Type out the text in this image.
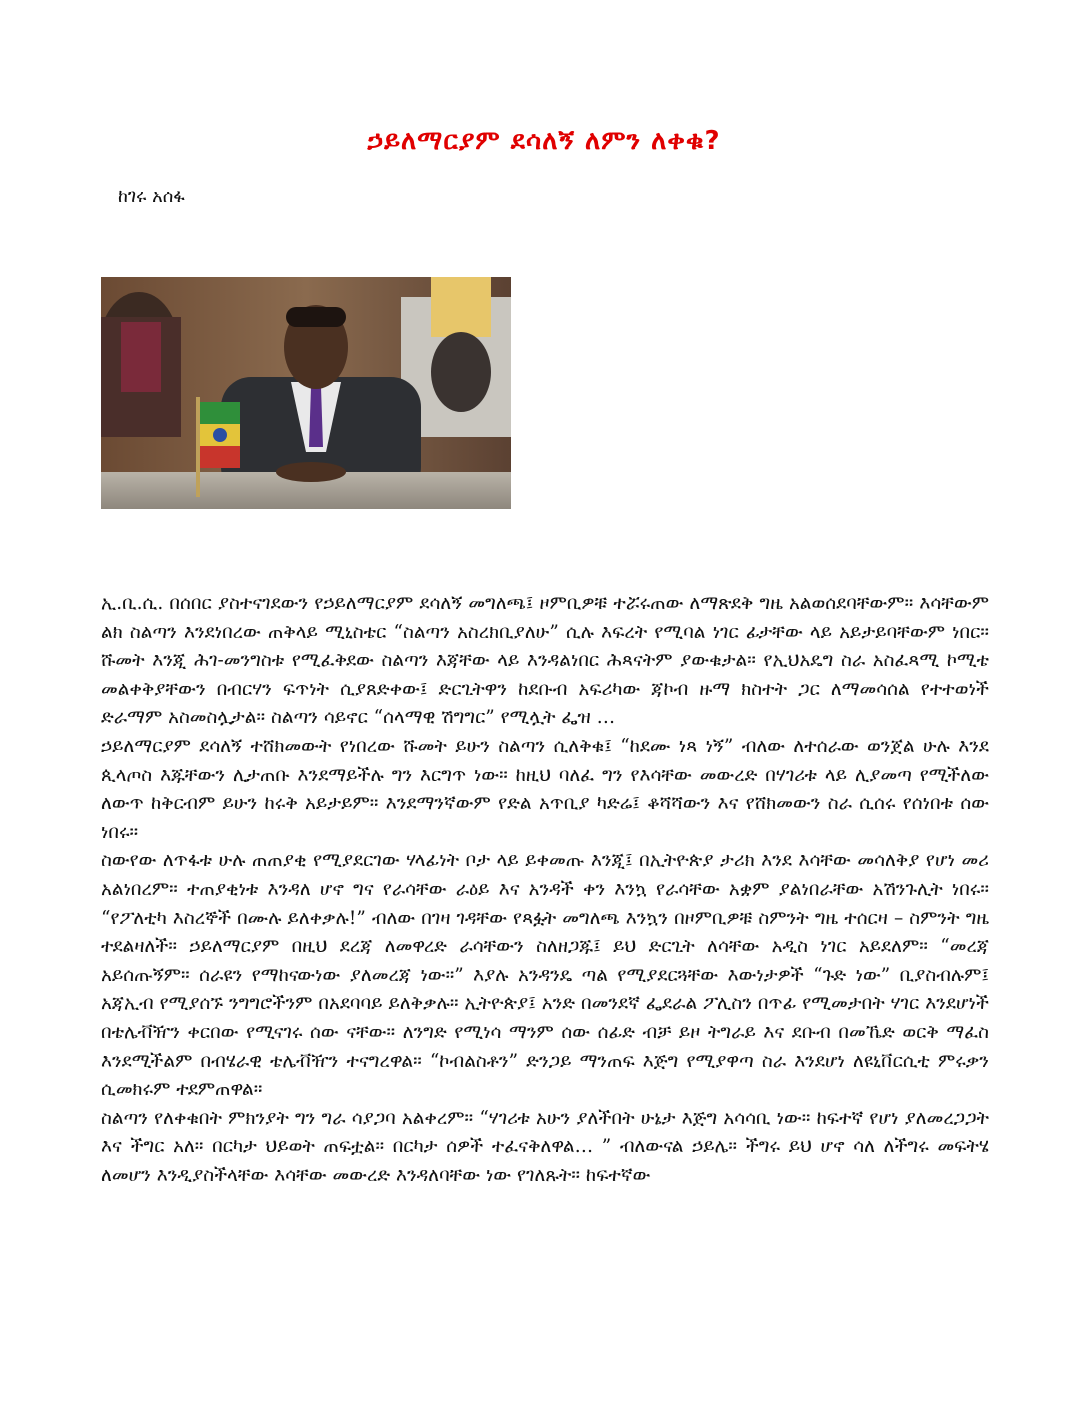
ኃይለማርያም ደሳለኝ ለምን ለቀቁ?
ከገሩ አሰፋ

ኢ.ቢ.ሲ. በሰበር ያስተናገደውን የኃይለማርያም ደሳለኝ መግለጫ፤ ዞምቢዎቹ ተሯሩጠው ለማጽደቅ ግዜ አልወሰደባቸውም። እሳቸውም ልክ ስልጣን እንደነበረው ጠቅላይ ሚኒስቴር “ስልጣን አስረክቢያለሁ” ሲሉ እፍረት የሚባል ነገር ፊታቸው ላይ አይታይባቸውም ነበር። ሹመት እንጂ ሕገ-መንግስቱ የሚፈቅደው ስልጣን እጃቸው ላይ እንዳልነበር ሕጻናትም ያውቁታል። የኢህአዴግ ስራ አስፈጻሚ ኮሚቴ መልቀቅያቸውን በብርሃን ፍጥነት ሲያጸድቀው፤ ድርጊትዋን ከደቡብ አፍሪካው ጃኮብ ዙማ ክስተት ጋር ለማመሳሰል የተተወነች ድራማም አስመስሏታል። ስልጣን ሳይኖር “ሰላማዊ ሽግግር” የሚሏት ፌዝ …

ኃይለማርያም ደሳለኝ ተሸክመውት የነበረው ሹመት ይሁን ስልጣን ሲለቅቁ፤ “ከደሙ ነጻ ነኝ” ብለው ለተሰራው ወንጀል ሁሉ እንደ ጲላጦስ እጁቸውን ሊታጠቡ እንደማይችሉ ግን እርግጥ ነው። ከዚህ ባለፈ ግን የእሳቸው መውረድ በሃገሪቱ ላይ ሊያመጣ የሚችለው ለውጥ ከቅርብም ይሁን ከሩቅ አይታይም። እንደማንኛውም የድል አጥቢያ ካድሬ፤ ቆሻሻውን እና የሸክመውን ስራ ሲሰሩ የሰነበቱ ሰው ነበሩ።

ስውየው ለጥፋቱ ሁሉ ጠጠያቂ የሚያደርገው ሃላፊነት ቦታ ላይ ይቀመጡ እንጂ፤ በኢትዮጵያ ታሪክ እንደ እሳቸው መሳለቅያ የሆነ መሪ አልነበረም። ተጠያቂነቱ እንዳለ ሆኖ ግና የራሳቸው ራዕይ እና አንዳች ቀን እንኳ የራሳቸው አቋም ያልነበራቸው አሽንጉሊት ነበሩ። “የፖለቲካ እስረኞች በሙሉ ይለቀቃሉ!” ብለው በገዛ ገዳቸው የጻፏት መግለጫ እንኳን በዞምቢዎቹ ስምንት ግዜ ተሰርዛ – ስምንት ግዜ ተደልዛለች። ኃይለማርያም በዚህ ደረጃ ለመዋረድ ራሳቸውን ስለዘጋጁ፤ ይህ ድርጊት ለሳቸው አዲስ ነገር አይደለም። “መረጃ አይሰጡኝም። ሰራዩን የማከናውነው ያለመረጃ ነው።” እያሉ አንዳንዴ ጣል የሚያደርጓቸው እውነታዎች “ጉድ ነው” ቢያስብሉም፤ አጃኢብ የሚያሰኙ ንግግሮችንም በአደባባይ ይለቅቃሉ። ኢትዮጵያ፤ አንድ በመንደኛ ፌደራል ፖሊስን በጥፊ የሚመታበት ሃገር እንደሆነች በቴሌቭዥን ቀርበው የሚናገሩ ሰው ናቸው። ለንግድ የሚነሳ ማንም ሰው ሰፊድ ብቻ ይዞ ትግራይ እና ደቡብ በመኼድ ወርቅ ማፈስ እንደሚችልም በብሄራዊ ቴሌቭዥን ተናግረዋል። “ኮብልስቶን” ድንጋይ ማንጠፍ እጅግ የሚያዋጣ ስራ እንደሆነ ለዩኒቨርሲቲ ምሩቃን ሲመክሩም ተደምጠዋል።

ስልጣን የለቀቁበት ምክንያት ግን ግራ ሳያጋባ አልቀረም። “ሃገሪቱ አሁን ያለችበት ሁኔታ እጅግ አሳሳቢ ነው። ከፍተኛ የሆነ ያለመረጋጋት እና ችግር አለ። በርካታ ህይወት ጠፍቷል። በርካታ ሰዎች ተፈናቅለዋል… ” ብለውናል ኃይሌ። ችግሩ ይህ ሆኖ ሳለ ለችግሩ መፍትሄ ለመሆን እንዲያስችላቸው እሳቸው መውረድ እንዳለባቸው ነው የገለጹት። ከፍተኛው
